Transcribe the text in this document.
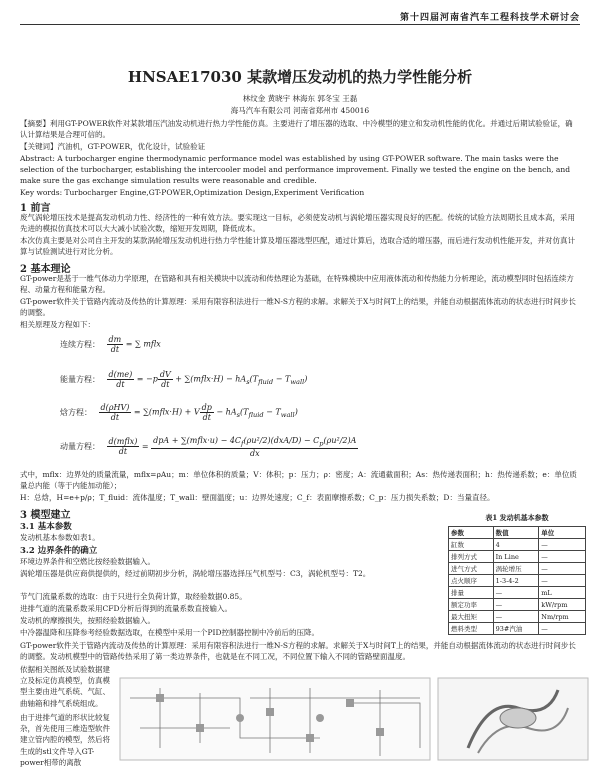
第十四届河南省汽车工程科技学术研讨会
HNSAE17030 某款增压发动机的热力学性能分析
林纹金 黄晓宇 林海东 郭冬宝 王磊
海马汽车有限公司 河南省郑州市 450016
【摘要】利用GT-POWER软件对某款增压汽油发动机进行热力学性能仿真。主要进行了增压器的选取、中冷模型的建立和发动机性能的优化。并通过后期试验验证，确认计算结果是合理可信的。
【关键词】汽油机，GT-POWER，优化设计，试验验证
Abstract: A turbocharger engine thermodynamic performance model was established by using GT-POWER software. The main tasks were the selection of the turbocharger, establishing the intercooler model and performance improvement. Finally we tested the engine on the bench, and make sure the gas exchange simulation results were reasonable and credible.
Key words: Turbocharger Engine,GT-POWER,Optimization Design,Experiment Verification
1 前言
废气涡轮增压技术是提高发动机动力性、经济性的一种有效方法。要实现这一目标，必须使发动机与涡轮增压器实现良好的匹配。传统的试验方法周期长且成本高，采用先进的模拟仿真技术可以大大减小试验次数，缩短开发周期，降低成本。
本次仿真主要是对公司自主开发的某款涡轮增压发动机进行热力学性能计算及增压器选型匹配，通过计算后，选取合适的增压器，而后进行发动机性能开发，并对仿真计算与试验测试进行对比分析。
2 基本理论
GT-power是基于一维气体动力学原理，在管路和具有相关模块中以流动和传热理论为基础，在特殊模块中应用液体流动和传热能力分析理论，流动模型同时包括连续方程、动量方程和能量方程。
GT-power软件关于管路内流动及传热的计算原理：采用有限容积法进行一维N-S方程的求解。求解关于X与时间T上的结果，并能自动根据流体流动的状态进行时间步长的调整。
相关原理及方程如下：
连续方程： $\frac{dm}{dt}$ = ∑ mflx
能量方程： $\frac{d(me)}{dt} = -p \frac{dV}{dt}$ + ∑(mflx·H) − $hA_s(T_{fluid} - T_{wall})$
焓方程： $\frac{\text{d(ρHV)}}{dt}$ = ∑(mflx·H) + V $\frac{dp}{dt} - hA_s(T_{fluid} - T_{wall})$
动量方程： $\frac{\text{d(mflx)}}{dt} = \frac{dpA + \sum(mflx\cdot u) - 4C_f(\rho u^2/2)(dxA/D) - C_p(\rho u^2/2)A}{dx}$
式中，mflx：边界处的质量流量，mflx=ρAu；m：单位体积的质量；V：体积；p：压力；ρ：密度；A：流通截面积；As：热传递表面积；h：热传递系数；e：单位质量总内能（等于内能加动能）；
H：总焓，H=e+p/ρ；T_fluid：流体温度；T_wall：壁面温度；u：边界处速度；C_f：表面摩擦系数；C_p：压力损失系数；D：当量直径。
3 模型建立
3.1 基本参数
发动机基本参数如表1。
3.2 边界条件的确立
环境边界条件和空燃比按经验数据输入。
涡轮增压器是供应商供提供的，经过前期初步分析，涡轮增压器选择压气机型号：C3，涡轮机型号：T2。
节气门流量系数的选取：由于只进行全负荷计算，取经验数据0.85。
进排气道的流量系数采用CFD分析后得到的流量系数直接输入。
发动机的摩擦损失，按照经验数据输入。
中冷器温降和压降参考经验数据选取，在模型中采用一个PID控制器控制中冷前后的压降。
GT-power软件关于管路内流动及传热的计算原理：采用有限容积法进行一维N-S方程的求解。求解关于X与时间T上的结果，并能自动根据流体流动的状态进行时间步长的调整。发动机模型中的管路传热采用了第一类边界条件，也就是在不同工况，不同位置下输入不同的管路壁面温度。
依据相关图纸及试验数据建立及标定仿真模型，仿真模型主要由进气系统、气缸、曲轴箱和排气系统组成。
由于进排气道的形状比较复杂，首先使用三维造型软件建立管内腔的模型，然后将生成的stl文件导入GT-power相带的离散
表1 发动机基本参数
参数	数值	单位
缸数	4	—
排列方式	In Line	—
进气方式	涡轮增压	—
点火顺序	1-3-4-2	—
排量	—	mL
额定功率	—	kW/rpm
最大扭矩	—	Nm/rpm
燃料类型	93#汽油	—
